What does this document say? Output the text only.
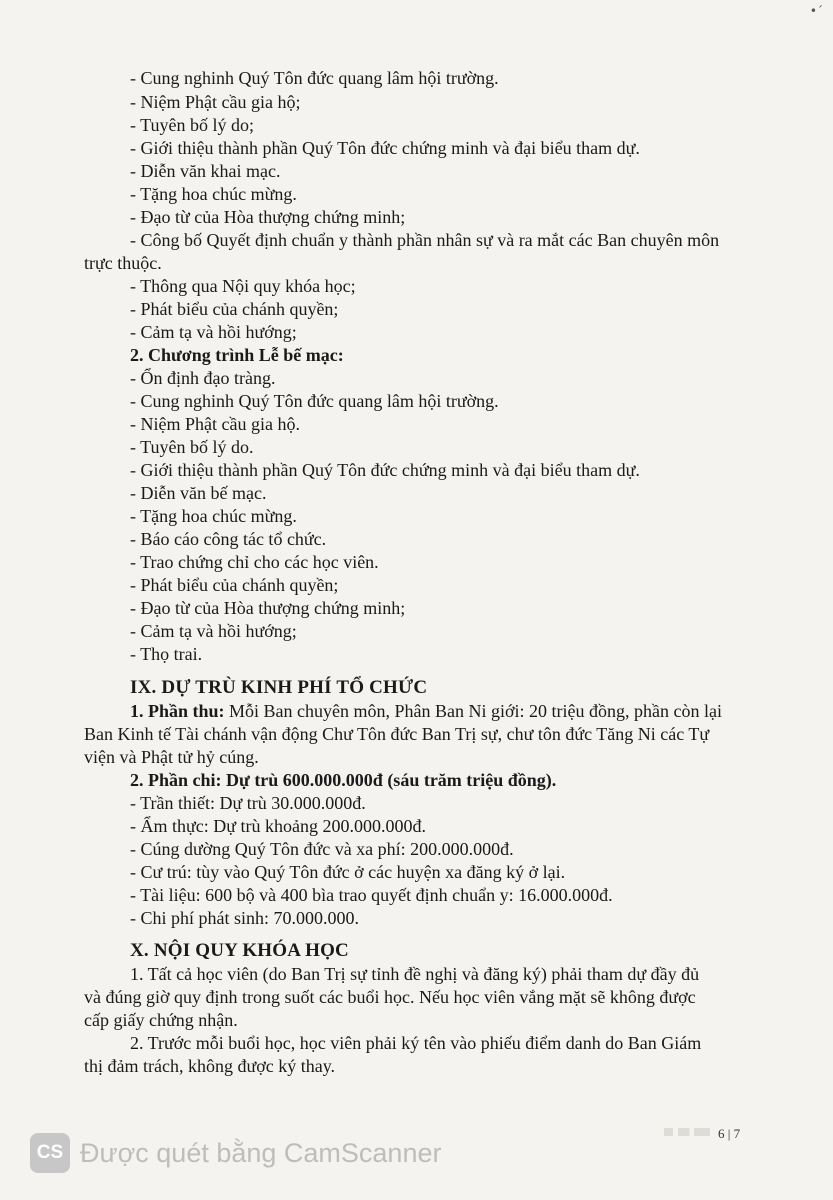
•´
- Cung nghinh Quý Tôn đức quang lâm hội trường.
- Niệm Phật cầu gia hộ;
- Tuyên bố lý do;
- Giới thiệu thành phần Quý Tôn đức chứng minh và đại biểu tham dự.
- Diễn văn khai mạc.
- Tặng hoa chúc mừng.
- Đạo từ của Hòa thượng chứng minh;
- Công bố Quyết định chuẩn y thành phần nhân sự và ra mắt các Ban chuyên môn
trực thuộc.
- Thông qua Nội quy khóa học;
- Phát biểu của chánh quyền;
- Cảm tạ và hồi hướng;
2. Chương trình Lễ bế mạc:
- Ổn định đạo tràng.
- Cung nghinh Quý Tôn đức quang lâm hội trường.
- Niệm Phật cầu gia hộ.
- Tuyên bố lý do.
- Giới thiệu thành phần Quý Tôn đức chứng minh và đại biểu tham dự.
- Diễn văn bế mạc.
- Tặng hoa chúc mừng.
- Báo cáo công tác tổ chức.
- Trao chứng chỉ cho các học viên.
- Phát biểu của chánh quyền;
- Đạo từ của Hòa thượng chứng minh;
- Cảm tạ và hồi hướng;
- Thọ trai.
IX. DỰ TRÙ KINH PHÍ TỔ CHỨC
1. Phần thu: Mỗi Ban chuyên môn, Phân Ban Ni giới: 20 triệu đồng, phần còn lại
Ban Kinh tế Tài chánh vận động Chư Tôn đức Ban Trị sự, chư tôn đức Tăng Ni các Tự
viện và Phật tử hỷ cúng.
2. Phần chi: Dự trù 600.000.000đ (sáu trăm triệu đồng).
- Trần thiết: Dự trù 30.000.000đ.
- Ẩm thực: Dự trù khoảng 200.000.000đ.
- Cúng dường Quý Tôn đức và xa phí: 200.000.000đ.
- Cư trú: tùy vào Quý Tôn đức ở các huyện xa đăng ký ở lại.
- Tài liệu: 600 bộ và 400 bìa trao quyết định chuẩn y: 16.000.000đ.
- Chi phí phát sinh: 70.000.000.
X. NỘI QUY KHÓA HỌC
1. Tất cả học viên (do Ban Trị sự tỉnh đề nghị và đăng ký) phải tham dự đầy đủ
và đúng giờ quy định trong suốt các buổi học. Nếu học viên vắng mặt sẽ không được
cấp giấy chứng nhận.
2. Trước mỗi buổi học, học viên phải ký tên vào phiếu điểm danh do Ban Giám
thị đảm trách, không được ký thay.
6 | 7
CS Được quét bằng CamScanner
